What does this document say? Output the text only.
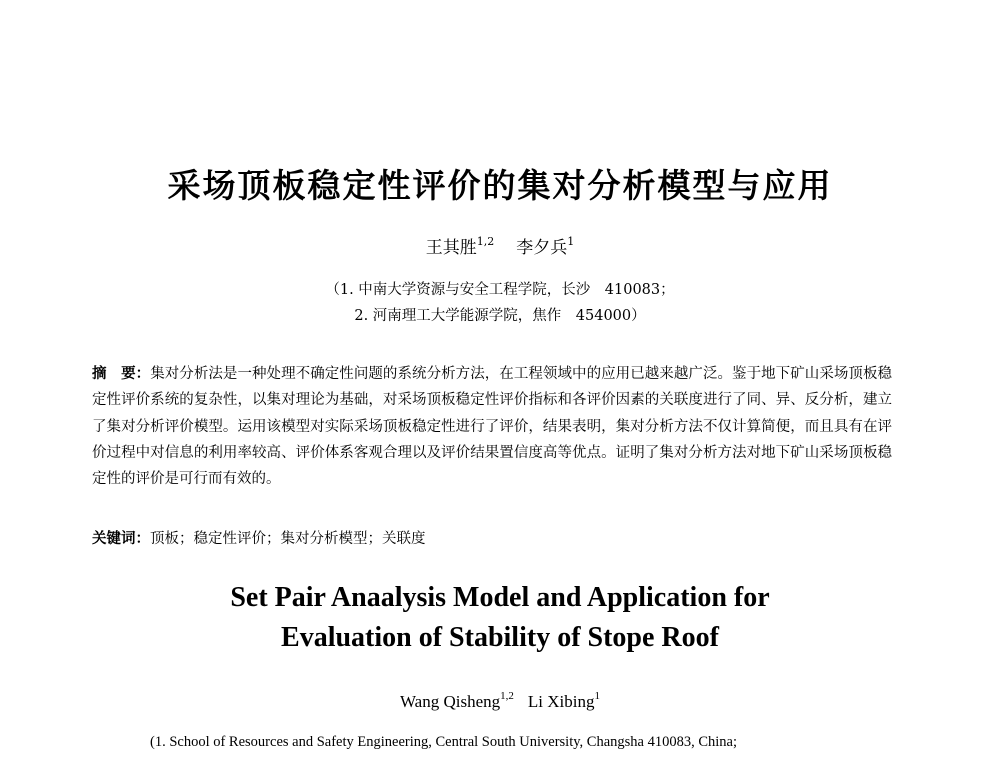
采场顶板稳定性评价的集对分析模型与应用
王其胜$^{1,2}$ 李夕兵$^1$
（1. 中南大学资源与安全工程学院，长沙　410083；
2. 河南理工大学能源学院，焦作　454000）
摘　要：集对分析法是一种处理不确定性问题的系统分析方法，在工程领域中的应用已越来越广泛。鉴于地下矿山采场顶板稳定性评价系统的复杂性，以集对理论为基础，对采场顶板稳定性评价指标和各评价因素的关联度进行了同、异、反分析，建立了集对分析评价模型。运用该模型对实际采场顶板稳定性进行了评价，结果表明，集对分析方法不仅计算简便，而且具有在评价过程中对信息的利用率较高、评价体系客观合理以及评价结果置信度高等优点。证明了集对分析方法对地下矿山采场顶板稳定性的评价是可行而有效的。
关键词：顶板；稳定性评价；集对分析模型；关联度
Set Pair Anaalysis Model and Application for
Evaluation of Stability of Stope Roof
Wang Qisheng$^{1,2}$ Li Xibing$^1$
(1. School of Resources and Safety Engineering, Central South University, Changsha 410083, China;
